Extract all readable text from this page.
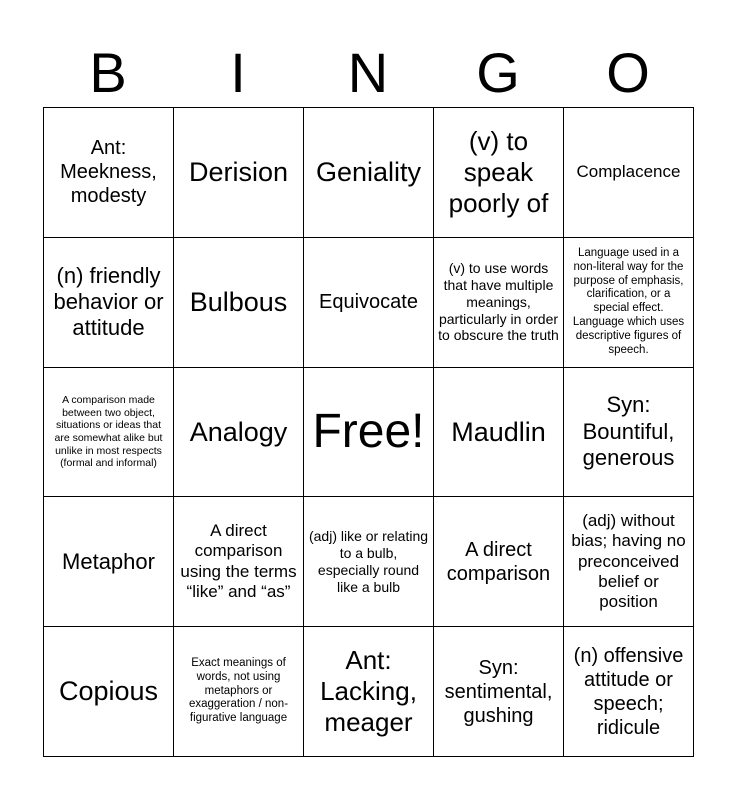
B	I	N	G	O
Ant: Meekness, modesty	Derision	Geniality	(v) to speak poorly of	Complacence
(n) friendly behavior or attitude	Bulbous	Equivocate	(v) to use words that have multiple meanings, particularly in order to obscure the truth	Language used in a non-literal way for the purpose of emphasis, clarification, or a special effect. Language which uses descriptive figures of speech.
A comparison made between two object, situations or ideas that are somewhat alike but unlike in most respects (formal and informal)	Analogy	Free!	Maudlin	Syn: Bountiful, generous
Metaphor	A direct comparison using the terms “like” and “as”	(adj) like or relating to a bulb, especially round like a bulb	A direct comparison	(adj) without bias; having no preconceived belief or position
Copious	Exact meanings of words, not using metaphors or exaggeration / non-figurative language	Ant: Lacking, meager	Syn: sentimental, gushing	(n) offensive attitude or speech; ridicule
